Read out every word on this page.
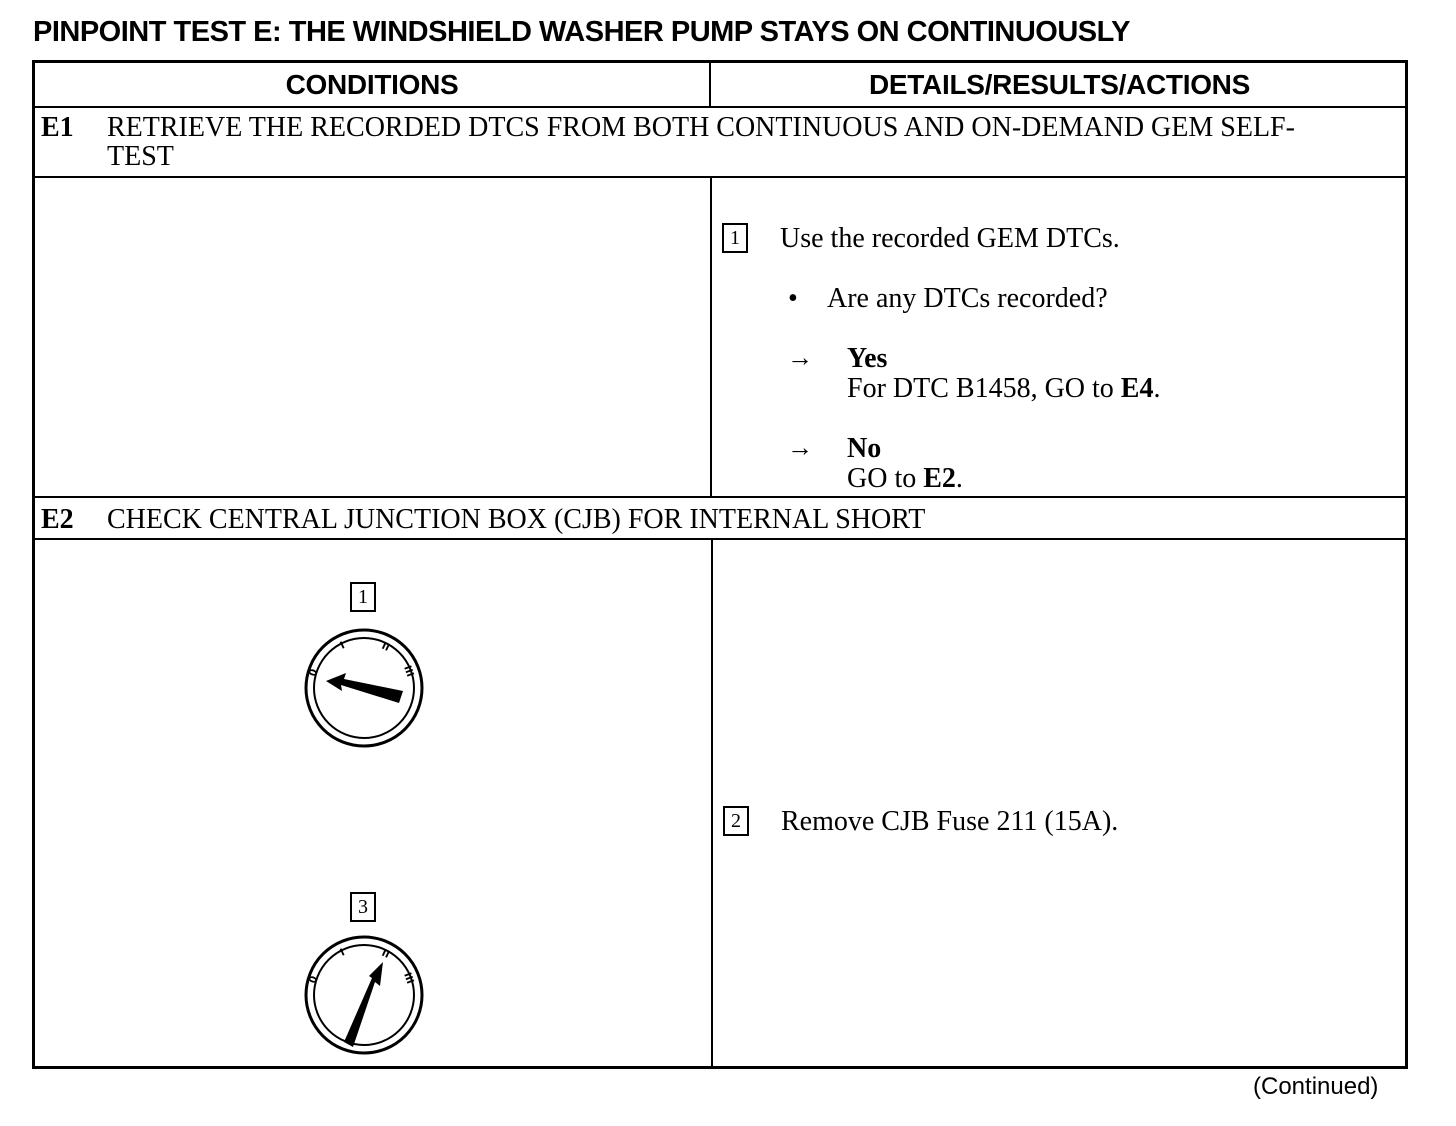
PINPOINT TEST E: THE WINDSHIELD WASHER PUMP STAYS ON CONTINUOUSLY
CONDITIONS	DETAILS/RESULTS/ACTIONS
E1 RETRIEVE THE RECORDED DTCS FROM BOTH CONTINUOUS AND ON-DEMAND GEM SELF-TEST
1 Use the recorded GEM DTCs.
• Are any DTCs recorded?
→ Yes
For DTC B1458, GO to E4.
→ No
GO to E2.
E2 CHECK CENTRAL JUNCTION BOX (CJB) FOR INTERNAL SHORT
1
0
I	II
III
3
0
I	II
III
2 Remove CJB Fuse 211 (15A).
(Continued)
